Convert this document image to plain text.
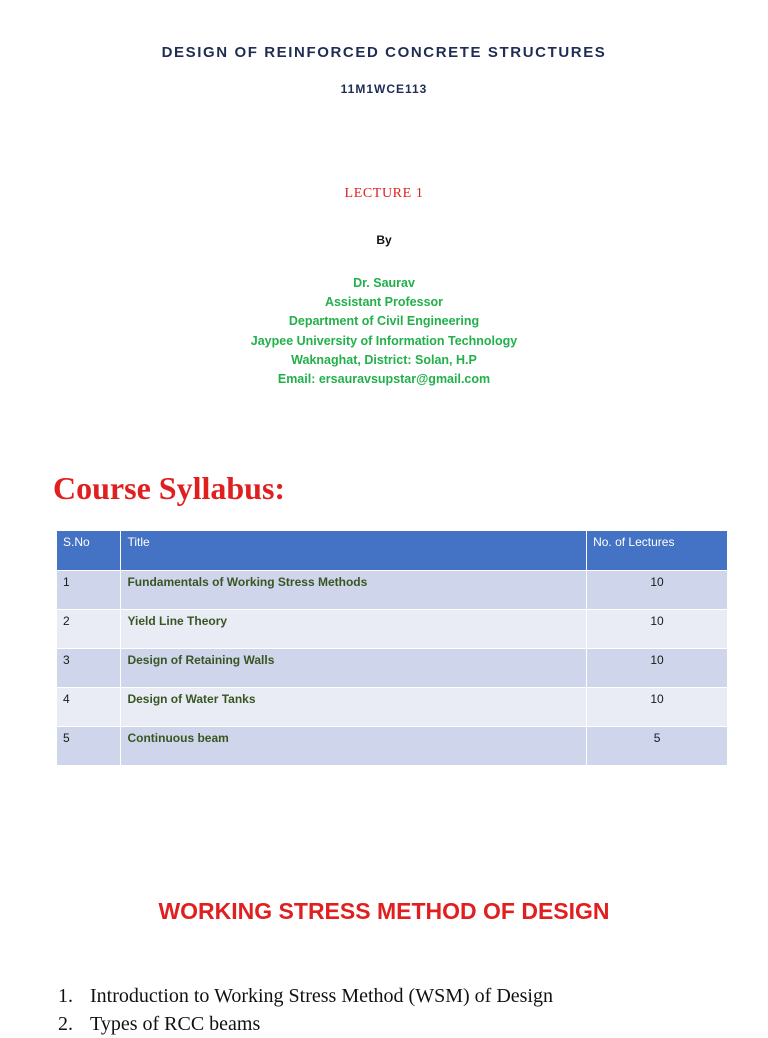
DESIGN OF REINFORCED CONCRETE STRUCTURES
11M1WCE113
LECTURE 1
By
Dr. Saurav
Assistant Professor
Department of Civil Engineering
Jaypee University of Information Technology
Waknaghat, District: Solan, H.P
Email: ersauravsupstar@gmail.com
Course Syllabus:
S.No	Title	No. of Lectures
1	Fundamentals of Working Stress Methods	10
2	Yield Line Theory	10
3	Design of Retaining Walls	10
4	Design of Water Tanks	10
5	Continuous beam	5
WORKING STRESS METHOD OF DESIGN
1. Introduction to Working Stress Method (WSM) of Design
2. Types of RCC beams
